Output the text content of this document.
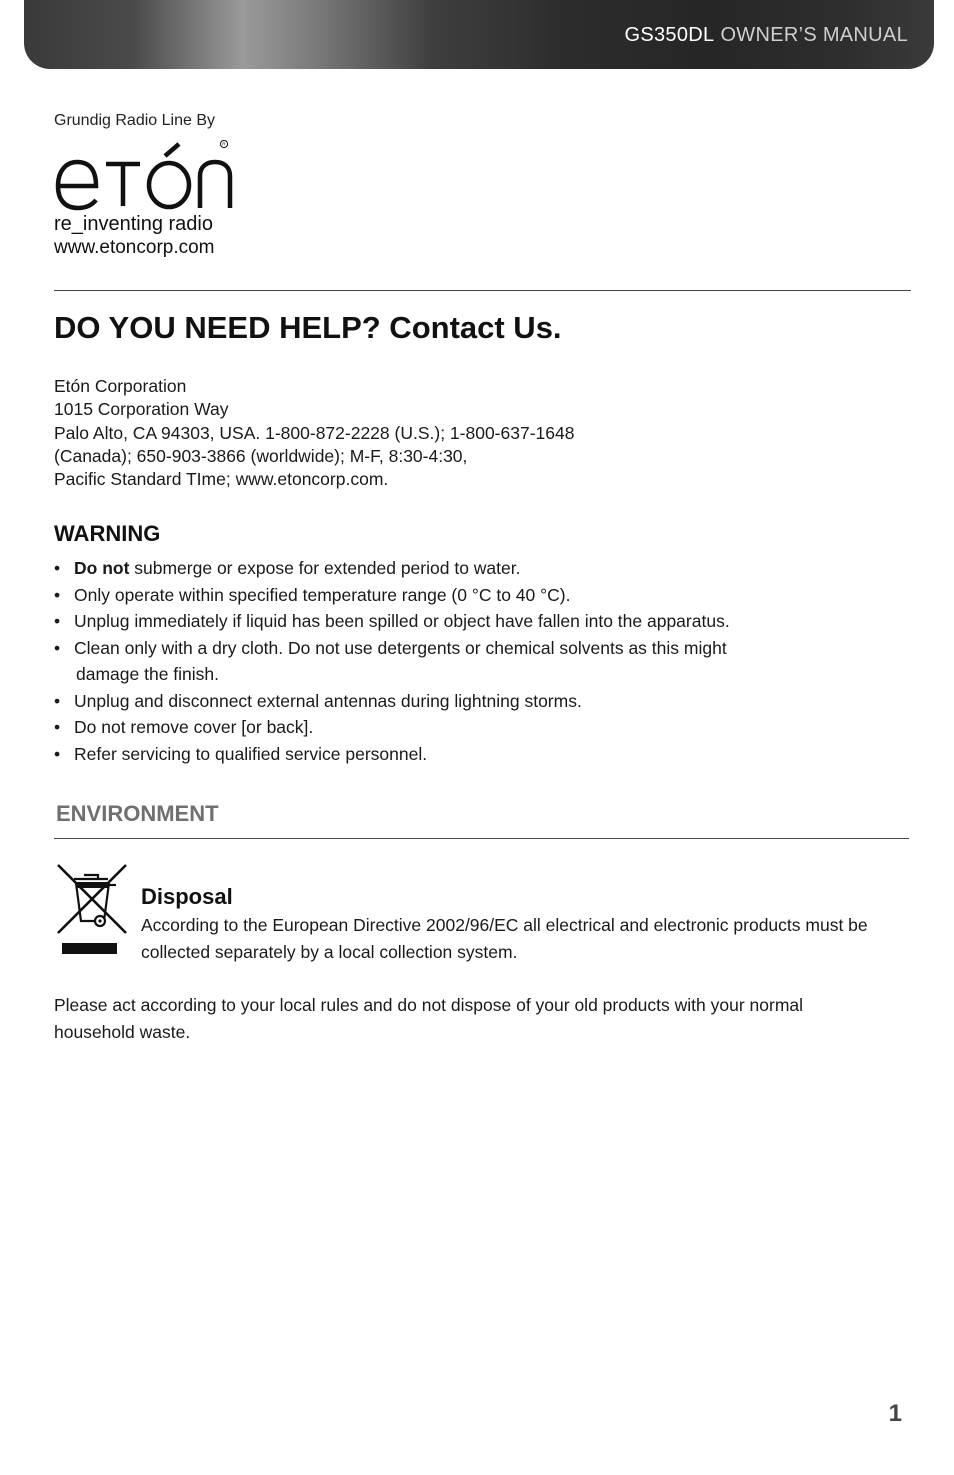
GS350DL OWNER’S MANUAL
Grundig Radio Line By
R
re_inventing radio
www.etoncorp.com
DO YOU NEED HELP? Contact Us.
Etón Corporation
1015 Corporation Way
Palo Alto, CA 94303, USA. 1-800-872-2228 (U.S.); 1-800-637-1648
(Canada); 650-903-3866 (worldwide); M-F, 8:30-4:30,
Pacific Standard TIme; www.etoncorp.com.
WARNING
• Do not submerge or expose for extended period to water.
• Only operate within specified temperature range (0 °C to 40 °C).
• Unplug immediately if liquid has been spilled or object have fallen into the apparatus.
• Clean only with a dry cloth. Do not use detergents or chemical solvents as this might
damage the finish.
• Unplug and disconnect external antennas during lightning storms.
• Do not remove cover [or back].
• Refer servicing to qualified service personnel.
ENVIRONMENT
Disposal

According to the European Directive 2002/96/EC all electrical and electronic products must be collected separately by a local collection system.

Please act according to your local rules and do not dispose of your old products with your normal household waste.

1
